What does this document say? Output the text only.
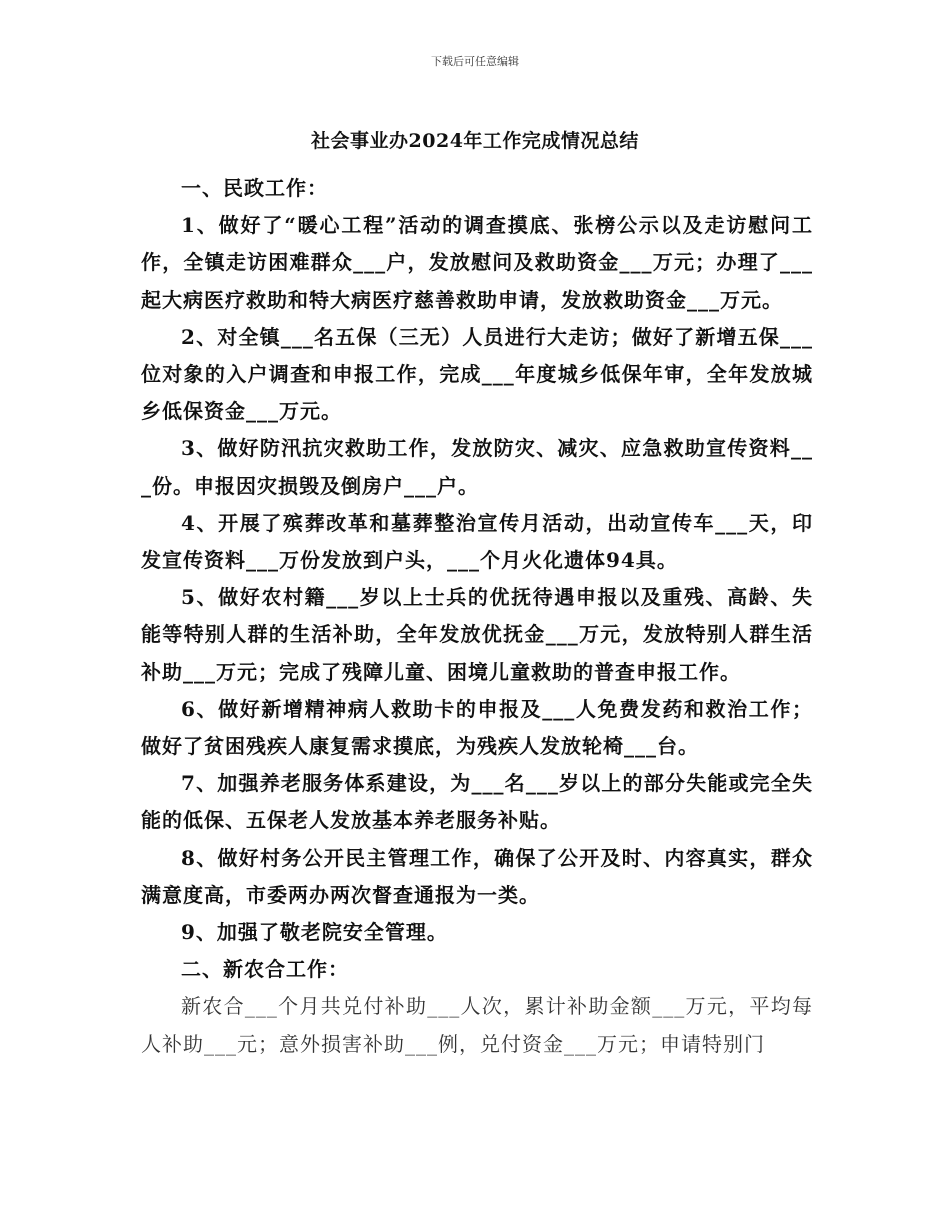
下载后可任意编辑
社会事业办2024年工作完成情况总结

一、民政工作：

1、做好了“暖心工程”活动的调查摸底、张榜公示以及走访慰问工作，全镇走访困难群众___户，发放慰问及救助资金___万元；办理了___起大病医疗救助和特大病医疗慈善救助申请，发放救助资金___万元。

2、对全镇___名五保（三无）人员进行大走访；做好了新增五保___位对象的入户调查和申报工作，完成___年度城乡低保年审，全年发放城乡低保资金___万元。

3、做好防汛抗灾救助工作，发放防灾、减灾、应急救助宣传资料___份。申报因灾损毁及倒房户___户。

4、开展了殡葬改革和墓葬整治宣传月活动，出动宣传车___天，印发宣传资料___万份发放到户头，___个月火化遗体94具。

5、做好农村籍___岁以上士兵的优抚待遇申报以及重残、高龄、失能等特别人群的生活补助，全年发放优抚金___万元，发放特别人群生活补助___万元；完成了残障儿童、困境儿童救助的普查申报工作。

6、做好新增精神病人救助卡的申报及___人免费发药和救治工作；做好了贫困残疾人康复需求摸底，为残疾人发放轮椅___台。

7、加强养老服务体系建设，为___名___岁以上的部分失能或完全失能的低保、五保老人发放基本养老服务补贴。

8、做好村务公开民主管理工作，确保了公开及时、内容真实，群众满意度高，市委两办两次督查通报为一类。

9、加强了敬老院安全管理。

二、新农合工作：

新农合___个月共兑付补助___人次，累计补助金额___万元，平均每人补助___元；意外损害补助___例，兑付资金___万元；申请特别门
